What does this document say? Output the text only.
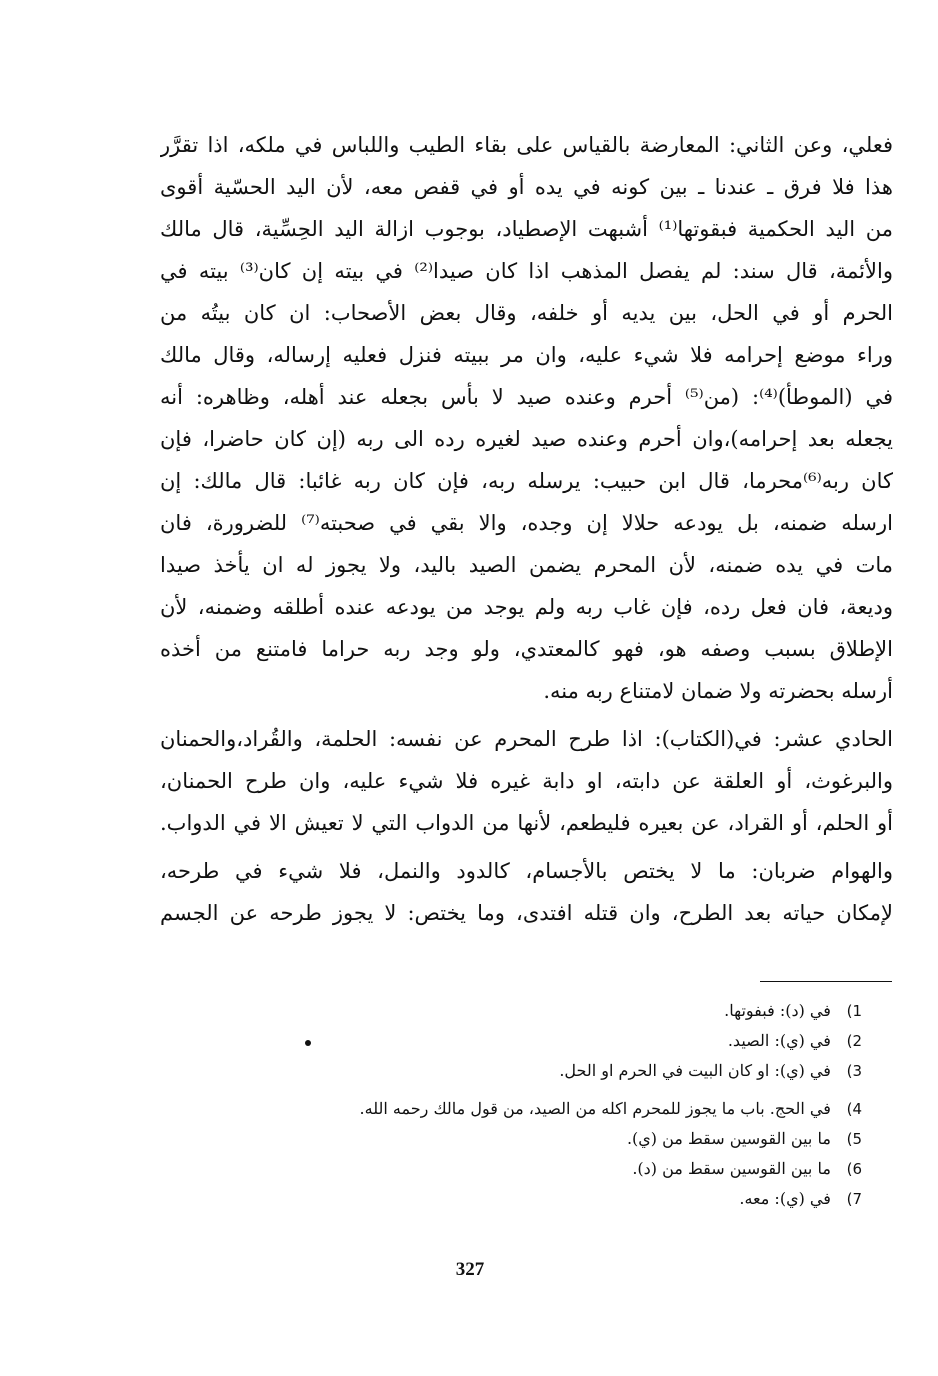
فعلي، وعن الثاني: المعارضة بالقياس على بقاء الطيب واللباس في ملكه، اذا تقرَّر
هذا فلا فرق ـ عندنا ـ بين كونه في يده أو في قفص معه، لأن اليد الحسّية أقوى
من اليد الحكمية فبقوتها⁽¹⁾ أشبهت الإصطياد، بوجوب ازالة اليد الحِسِّية، قال مالك
والأئمة، قال سند: لم يفصل المذهب اذا كان صيدا⁽²⁾ في بيته إن كان⁽³⁾ بيته في
الحرم أو في الحل، بين يديه أو خلفه، وقال بعض الأصحاب: ان كان بيتُه من
وراء موضع إحرامه فلا شيء عليه، وان مر ببيته فنزل فعليه إرساله، وقال مالك
في (الموطأ)⁽⁴⁾: (من⁽⁵⁾ أحرم وعنده صيد لا بأس بجعله عند أهله، وظاهره: أنه
يجعله بعد إحرامه)،وان أحرم وعنده صيد لغيره رده الى ربه (إن كان حاضرا، فإن
كان ربه⁽⁶⁾محرما، قال ابن حبيب: يرسله ربه، فإن كان ربه غائبا: قال مالك: إن
ارسله ضمنه، بل يودعه حلالا إن وجده، والا بقي في صحبته⁽⁷⁾ للضرورة، فان
مات في يده ضمنه، لأن المحرم يضمن الصيد باليد، ولا يجوز له ان يأخذ صيدا
وديعة، فان فعل رده، فإن غاب ربه ولم يوجد من يودعه عنده أطلقه وضمنه، لأن
الإطلاق بسبب وصفه هو، فهو كالمعتدي، ولو وجد ربه حراما فامتنع من أخذه
أرسله بحضرته ولا ضمان لامتناع ربه منه.
الحادي عشر: في(الكتاب): اذا طرح المحرم عن نفسه: الحلمة، والقُراد،والحمنان
والبرغوث، أو العلقة عن دابته، او دابة غيره فلا شيء عليه، وان طرح الحمنان،
أو الحلم، أو القراد، عن بعيره فليطعم، لأنها من الدواب التي لا تعيش الا في الدواب.
والهوام ضربان: ما لا يختص بالأجسام، كالدود والنمل، فلا شيء في طرحه،
لإمكان حياته بعد الطرح، وان قتله افتدى، وما يختص: لا يجوز طرحه عن الجسم
1) في (د): فبفوتها.
2) في (ي): الصيد.
3) في (ي): او كان البيت في الحرم او الحل.
4) في الحج. باب ما يجوز للمحرم اكله من الصيد، من قول مالك رحمه الله.
5) ما بين القوسين سقط من (ي).
6) ما بين القوسين سقط من (د).
7) في (ي): معه.
327
